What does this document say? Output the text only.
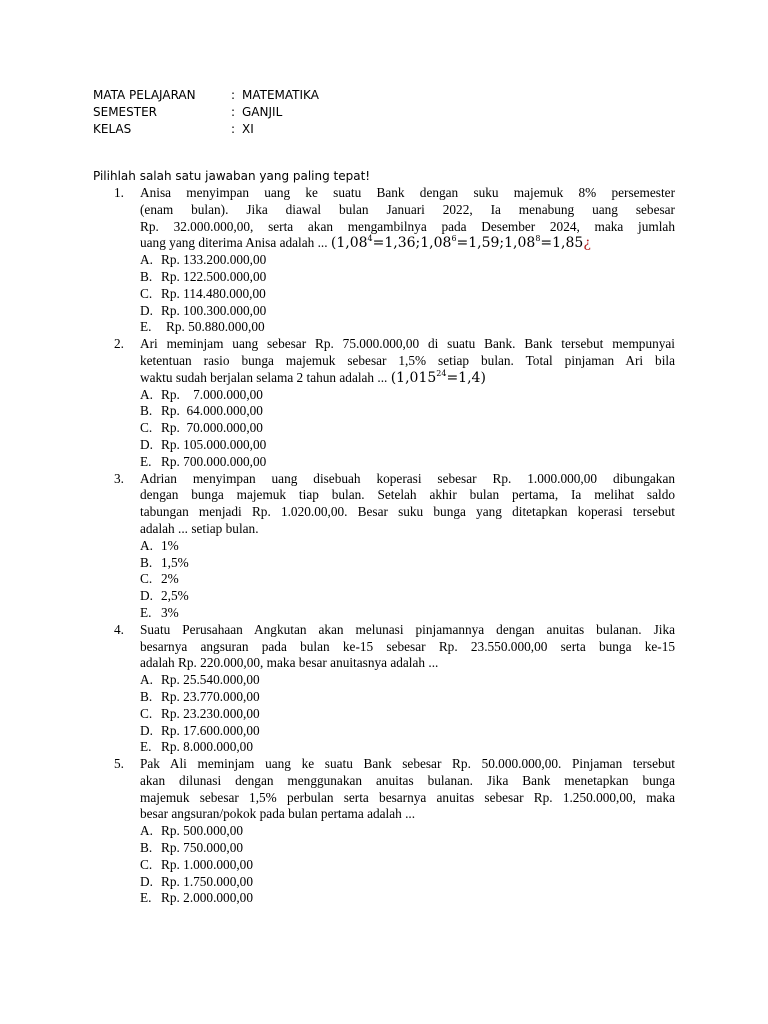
MATA PELAJARAN	: MATEMATIKA
SEMESTER	: GANJIL
KELAS	: XI
Pilihlah salah satu jawaban yang paling tepat!
1. Anisa menyimpan uang ke suatu Bank dengan suku majemuk 8% persemester
(enam bulan). Jika diawal bulan Januari 2022, Ia menabung uang sebesar
Rp. 32.000.000,00, serta akan mengambilnya pada Desember 2024, maka jumlah
uang yang diterima Anisa adalah ... ($1,08^4=1,36;1,08^6=1,59;1,08^8=1,85¿$
A. Rp. 133.200.000,00
B. Rp. 122.500.000,00
C. Rp. 114.480.000,00
D. Rp. 100.300.000,00
E. Rp. 50.880.000,00
2. Ari meminjam uang sebesar Rp. 75.000.000,00 di suatu Bank. Bank tersebut mempunyai
ketentuan rasio bunga majemuk sebesar 1,5% setiap bulan. Total pinjaman Ari bila
waktu sudah berjalan selama 2 tahun adalah ... $(1,015^{24}=1,4)$
A. Rp.    7.000.000,00
B. Rp.  64.000.000,00
C. Rp.  70.000.000,00
D. Rp. 105.000.000,00
E. Rp. 700.000.000,00
3. Adrian menyimpan uang disebuah koperasi sebesar Rp. 1.000.000,00 dibungakan
dengan bunga majemuk tiap bulan. Setelah akhir bulan pertama, Ia melihat saldo
tabungan menjadi Rp. 1.020.00,00. Besar suku bunga yang ditetapkan koperasi tersebut
adalah ... setiap bulan.
A. 1%
B. 1,5%
C. 2%
D. 2,5%
E. 3%
4. Suatu Perusahaan Angkutan akan melunasi pinjamannya dengan anuitas bulanan. Jika
besarnya angsuran pada bulan ke-15 sebesar Rp. 23.550.000,00 serta bunga ke-15
adalah Rp. 220.000,00, maka besar anuitasnya adalah ...
A. Rp. 25.540.000,00
B. Rp. 23.770.000,00
C. Rp. 23.230.000,00
D. Rp. 17.600.000,00
E. Rp. 8.000.000,00
5. Pak Ali meminjam uang ke suatu Bank sebesar Rp. 50.000.000,00. Pinjaman tersebut
akan dilunasi dengan menggunakan anuitas bulanan. Jika Bank menetapkan bunga
majemuk sebesar 1,5% perbulan serta besarnya anuitas sebesar Rp. 1.250.000,00, maka
besar angsuran/pokok pada bulan pertama adalah ...
A. Rp. 500.000,00
B. Rp. 750.000,00
C. Rp. 1.000.000,00
D. Rp. 1.750.000,00
E. Rp. 2.000.000,00
